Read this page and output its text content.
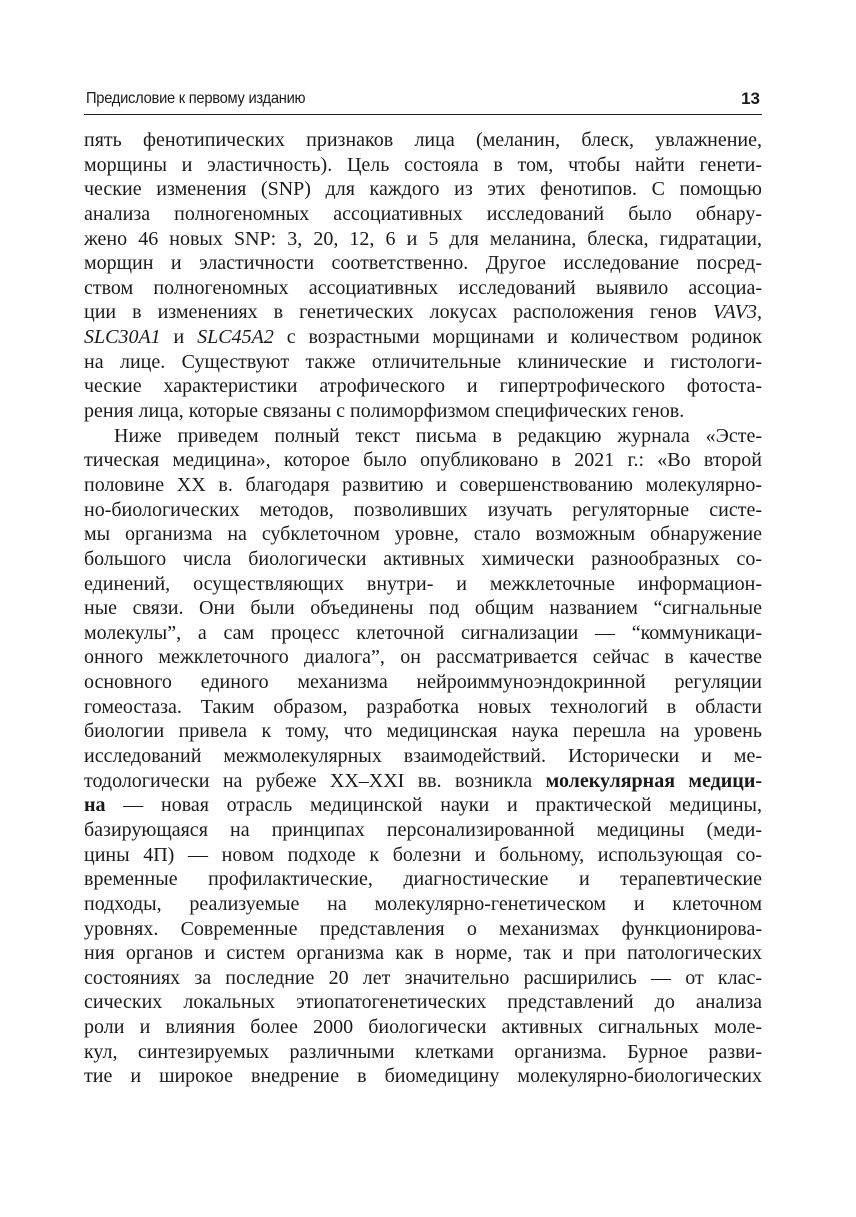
Предисловие к первому изданию	13
пять фенотипических признаков лица (меланин, блеск, увлажнение,
морщины и эластичность). Цель состояла в том, чтобы найти генети-
ческие изменения (SNP) для каждого из этих фенотипов. С помощью
анализа полногеномных ассоциативных исследований было обнару-
жено 46 новых SNP: 3, 20, 12, 6 и 5 для меланина, блеска, гидратации,
морщин и эластичности соответственно. Другое исследование посред-
ством полногеномных ассоциативных исследований выявило ассоциа-
ции в изменениях в генетических локусах расположения генов VAV3,
SLC30A1 и SLC45A2 с возрастными морщинами и количеством родинок
на лице. Существуют также отличительные клинические и гистологи-
ческие характеристики атрофического и гипертрофического фотоста-
рения лица, которые связаны с полиморфизмом специфических генов.
Ниже приведем полный текст письма в редакцию журнала «Эсте-
тическая медицина», которое было опубликовано в 2021 г.: «Во второй
половине XX в. благодаря развитию и совершенствованию молекулярно-
но-биологических методов, позволивших изучать регуляторные систе-
мы организма на субклеточном уровне, стало возможным обнаружение
большого числа биологически активных химически разнообразных со-
единений, осуществляющих внутри- и межклеточные информацион-
ные связи. Они были объединены под общим названием “сигнальные
молекулы”, а сам процесс клеточной сигнализации — “коммуникаци-
онного межклеточного диалога”, он рассматривается сейчас в качестве
основного единого механизма нейроиммуноэндокринной регуляции
гомеостаза. Таким образом, разработка новых технологий в области
биологии привела к тому, что медицинская наука перешла на уровень
исследований межмолекулярных взаимодействий. Исторически и ме-
тодологически на рубеже XX–XXI вв. возникла молекулярная медици-
на — новая отрасль медицинской науки и практической медицины,
базирующаяся на принципах персонализированной медицины (меди-
цины 4П) — новом подходе к болезни и больному, использующая со-
временные профилактические, диагностические и терапевтические
подходы, реализуемые на молекулярно-генетическом и клеточном
уровнях. Современные представления о механизмах функционирова-
ния органов и систем организма как в норме, так и при патологических
состояниях за последние 20 лет значительно расширились — от клас-
сических локальных этиопатогенетических представлений до анализа
роли и влияния более 2000 биологически активных сигнальных моле-
кул, синтезируемых различными клетками организма. Бурное разви-
тие и широкое внедрение в биомедицину молекулярно-биологических
